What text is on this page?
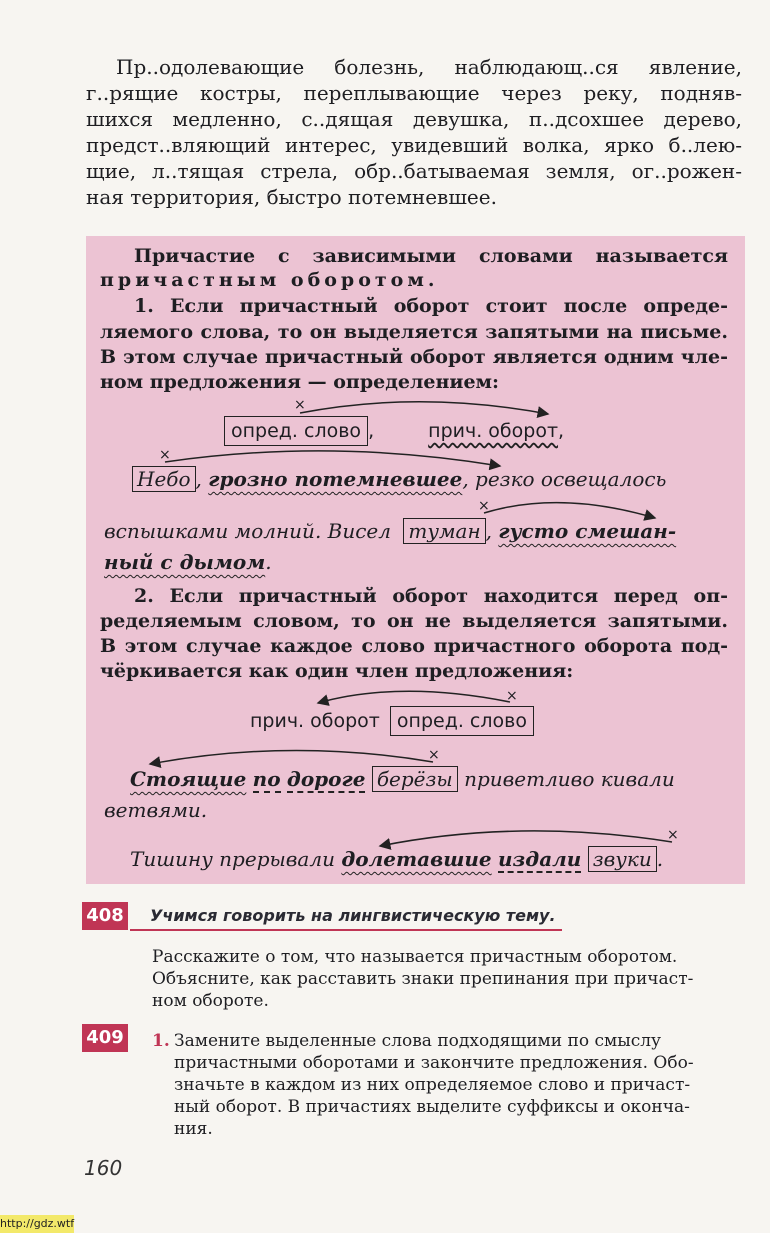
Пр..одолевающие болезнь, наблюдающ..ся явление,
г..рящие костры, переплывающие через реку, подняв-
шихся медленно, с..дящая девушка, п..дсохшее дерево,
предст..вляющий интерес, увидевший волка, ярко б..лею-
щие, л..тящая стрела, обр..батываемая земля, ог..рожен-
ная территория, быстро потемневшее.
Причастие с зависимыми словами называется
причастным оборотом.
1. Если причастный оборот стоит после опреде-
ляемого слова, то он выделяется запятыми на письме.
В этом случае причастный оборот является одним чле-
ном предложения — определением:
опред. слово ,	прич. оборот,
Небо , грозно потемневшее, резко освещалось
вспышками молний. Висел туман , густо смешан-
ный с дымом.
2. Если причастный оборот находится перед оп-
ределяемым словом, то он не выделяется запятыми.
В этом случае каждое слово причастного оборота под-
чёркивается как один член предложения:
прич. оборот опред. слово
Стоящие по дороге берёзы приветливо кивали
ветвями.
Тишину прерывали долетавшие издали звуки .
×
×
×
×
×
×
408 Учимся говорить на лингвистическую тему.
Расскажите о том, что называется причастным оборотом.
Объясните, как расставить знаки препинания при причаст-
ном обороте.
409 1. Замените выделенные слова подходящими по смыслу
причастными оборотами и закончите предложения. Обо-
значьте в каждом из них определяемое слово и причаст-
ный оборот. В причастиях выделите суффиксы и оконча-
ния.
160
http://gdz.wtf
